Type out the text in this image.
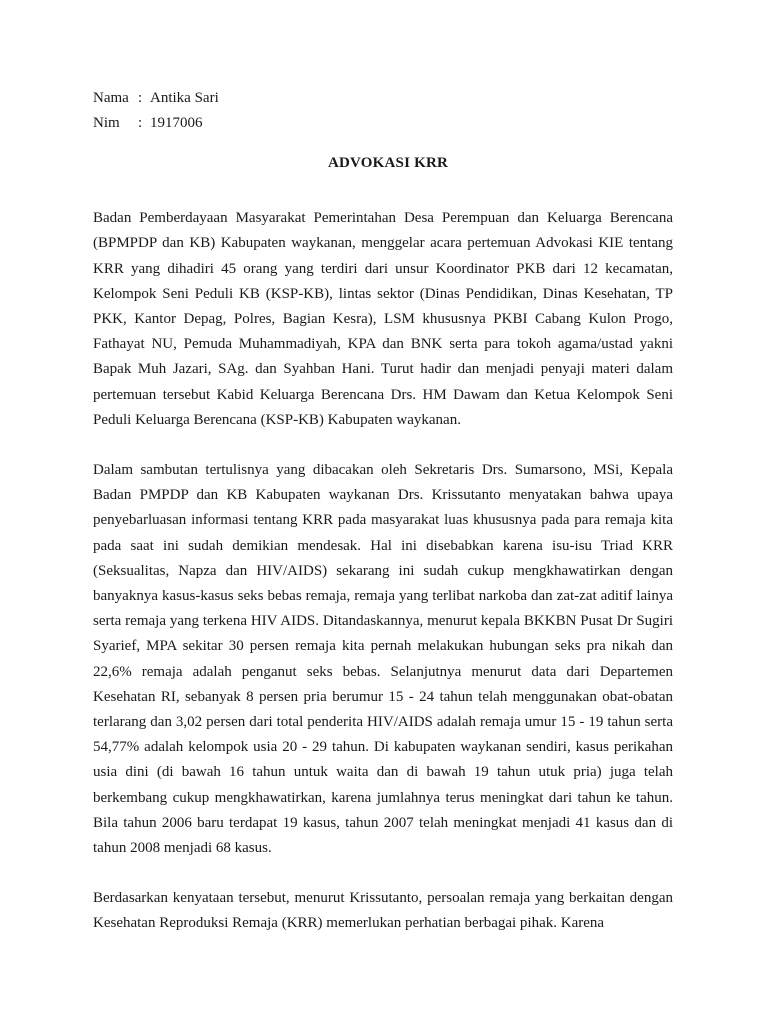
Nama : Antika Sari
Nim	: 1917006
ADVOKASI KRR

Badan Pemberdayaan Masyarakat Pemerintahan Desa Perempuan dan Keluarga Berencana (BPMPDP dan KB) Kabupaten waykanan, menggelar acara pertemuan Advokasi KIE tentang KRR yang dihadiri 45 orang yang terdiri dari unsur Koordinator PKB dari 12 kecamatan, Kelompok Seni Peduli KB (KSP-KB), lintas sektor (Dinas Pendidikan, Dinas Kesehatan, TP PKK, Kantor Depag, Polres, Bagian Kesra), LSM khususnya PKBI Cabang Kulon Progo, Fathayat NU, Pemuda Muhammadiyah, KPA dan BNK serta para tokoh agama/ustad yakni Bapak Muh Jazari, SAg. dan Syahban Hani. Turut hadir dan menjadi penyaji materi dalam pertemuan tersebut Kabid Keluarga Berencana Drs. HM Dawam dan Ketua Kelompok Seni Peduli Keluarga Berencana (KSP-KB) Kabupaten waykanan.

Dalam sambutan tertulisnya yang dibacakan oleh Sekretaris Drs. Sumarsono, MSi, Kepala Badan PMPDP dan KB Kabupaten waykanan Drs. Krissutanto menyatakan bahwa upaya penyebarluasan informasi tentang KRR pada masyarakat luas khususnya pada para remaja kita pada saat ini sudah demikian mendesak. Hal ini disebabkan karena isu-isu Triad KRR (Seksualitas, Napza dan HIV/AIDS) sekarang ini sudah cukup mengkhawatirkan dengan banyaknya kasus-kasus seks bebas remaja, remaja yang terlibat narkoba dan zat-zat aditif lainya serta remaja yang terkena HIV AIDS. Ditandaskannya, menurut kepala BKKBN Pusat Dr Sugiri Syarief, MPA sekitar 30 persen remaja kita pernah melakukan hubungan seks pra nikah dan 22,6% remaja adalah penganut seks bebas. Selanjutnya menurut data dari Departemen Kesehatan RI, sebanyak 8 persen pria berumur 15 - 24 tahun telah menggunakan obat-obatan terlarang dan 3,02 persen dari total penderita HIV/AIDS adalah remaja umur 15 - 19 tahun serta 54,77% adalah kelompok usia 20 - 29 tahun. Di kabupaten waykanan sendiri, kasus perikahan usia dini (di bawah 16 tahun untuk waita dan di bawah 19 tahun utuk pria) juga telah berkembang cukup mengkhawatirkan, karena jumlahnya terus meningkat dari tahun ke tahun. Bila tahun 2006 baru terdapat 19 kasus, tahun 2007 telah meningkat menjadi 41 kasus dan di tahun 2008 menjadi 68 kasus.

Berdasarkan kenyataan tersebut, menurut Krissutanto, persoalan remaja yang berkaitan dengan Kesehatan Reproduksi Remaja (KRR) memerlukan perhatian berbagai pihak. Karena
